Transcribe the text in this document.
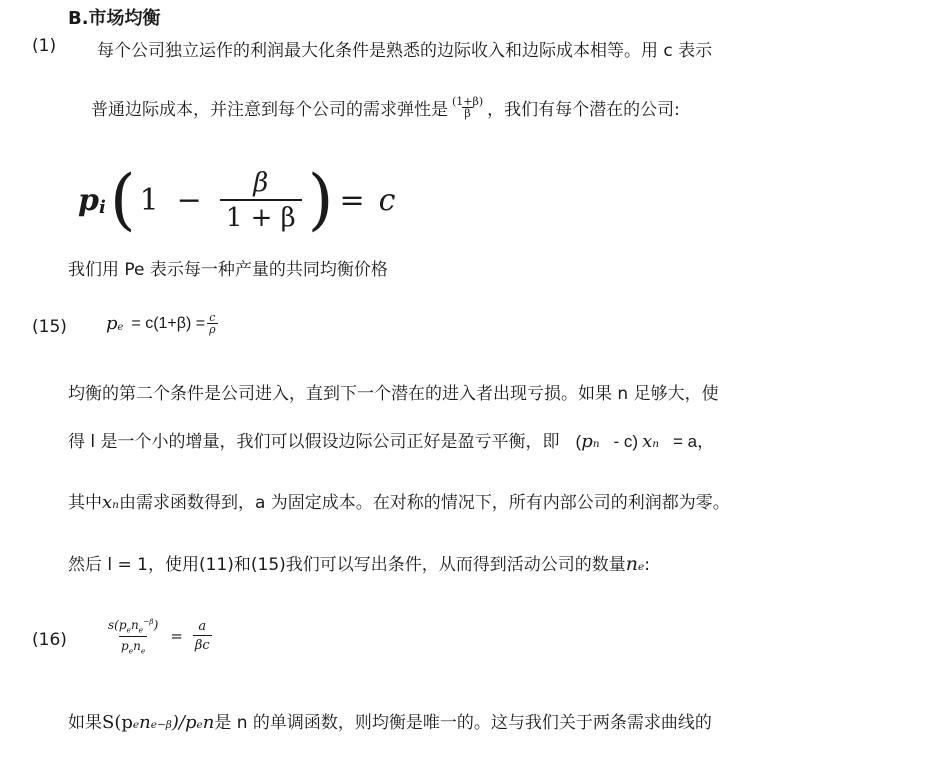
B.市场均衡
(1) 每个公司独立运作的利润最大化条件是熟悉的边际收入和边际成本相等。用 c 表示
普通边际成本，并注意到每个公司的需求弹性是 $\frac{(1+\beta)}{\beta}$ ，我们有每个潜在的公司:
$p_i$ ( $1 - \frac{\beta}{1 + \beta}$ ) = c
我们用 Pe 表示每一种产量的共同均衡价格
(15) $p_e = c(1+\beta) = \frac{c}{\rho}$
均衡的第二个条件是公司进入，直到下一个潜在的进入者出现亏损。如果 n 足够大，使
得 l 是一个小的增量，我们可以假设边际公司正好是盈亏平衡，即 ( p n - c) x n = a，
其中 x n 由需求函数得到，a 为固定成本。在对称的情况下，所有内部公司的利润都为零。
然后 l = 1，使用(11)和(15)我们可以写出条件，从而得到活动公司的数量 n e :
(16)	$\frac{s(p_en_e^{-\beta})}{p_en_e} = \frac{a}{\beta c}$
如果 S(p e n e −β )/p e n 是 n 的单调函数，则均衡是唯一的。这与我们关于两条需求曲线的
